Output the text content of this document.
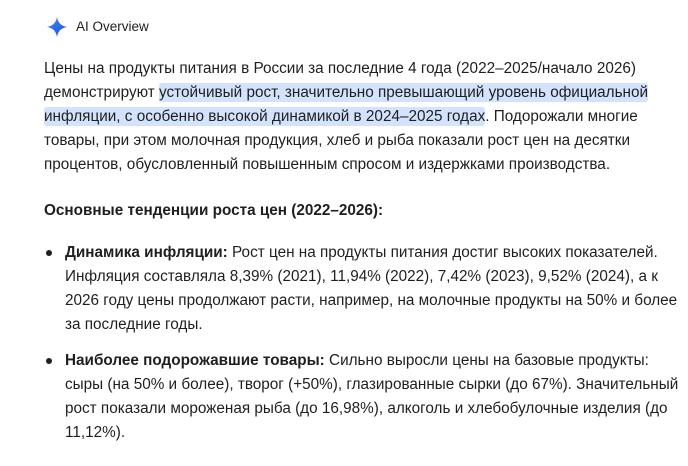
AI Overview
Цены на продукты питания в России за последние 4 года (2022–2025/начало 2026) демонстрируют устойчивый рост, значительно превышающий уровень официальной инфляции, с особенно высокой динамикой в 2024–2025 годах. Подорожали многие товары, при этом молочная продукция, хлеб и рыба показали рост цен на десятки процентов, обусловленный повышенным спросом и издержками производства.
Основные тенденции роста цен (2022–2026):
Динамика инфляции: Рост цен на продукты питания достиг высоких показателей. Инфляция составляла 8,39% (2021), 11,94% (2022), 7,42% (2023), 9,52% (2024), а к 2026 году цены продолжают расти, например, на молочные продукты на 50% и более за последние годы.
Наиболее подорожавшие товары: Сильно выросли цены на базовые продукты: сыры (на 50% и более), творог (+50%), глазированные сырки (до 67%). Значительный рост показали мороженая рыба (до 16,98%), алкоголь и хлебобулочные изделия (до 11,12%).
